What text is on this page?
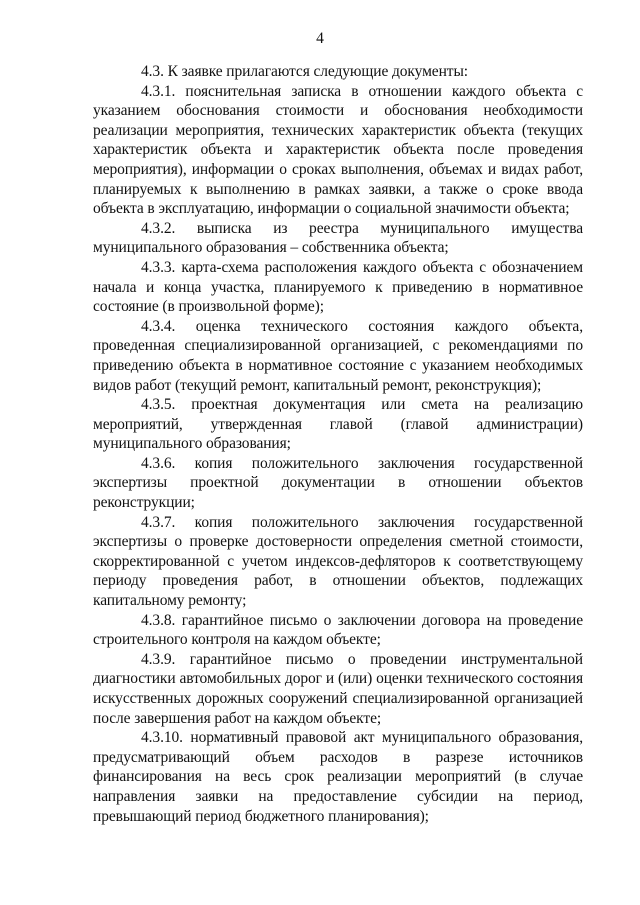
4

4.3. К заявке прилагаются следующие документы:

4.3.1. пояснительная записка в отношении каждого объекта с указанием обоснования стоимости и обоснования необходимости реализации мероприятия, технических характеристик объекта (текущих характеристик объекта и характеристик объекта после проведения мероприятия), информации о сроках выполнения, объемах и видах работ, планируемых к выполнению в рамках заявки, а также о сроке ввода объекта в эксплуатацию, информации о социальной значимости объекта;

4.3.2. выписка из реестра муниципального имущества муниципального образования – собственника объекта;

4.3.3. карта-схема расположения каждого объекта с обозначением начала и конца участка, планируемого к приведению в нормативное состояние (в произвольной форме);

4.3.4. оценка технического состояния каждого объекта, проведенная специализированной организацией, с рекомендациями по приведению объекта в нормативное состояние с указанием необходимых видов работ (текущий ремонт, капитальный ремонт, реконструкция);

4.3.5. проектная документация или смета на реализацию мероприятий, утвержденная главой (главой администрации) муниципального образования;

4.3.6. копия положительного заключения государственной экспертизы проектной документации в отношении объектов реконструкции;

4.3.7. копия положительного заключения государственной экспертизы о проверке достоверности определения сметной стоимости, скорректированной с учетом индексов-дефляторов к соответствующему периоду проведения работ, в отношении объектов, подлежащих капитальному ремонту;

4.3.8. гарантийное письмо о заключении договора на проведение строительного контроля на каждом объекте;

4.3.9. гарантийное письмо о проведении инструментальной диагностики автомобильных дорог и (или) оценки технического состояния искусственных дорожных сооружений специализированной организацией после завершения работ на каждом объекте;

4.3.10. нормативный правовой акт муниципального образования, предусматривающий объем расходов в разрезе источников финансирования на весь срок реализации мероприятий (в случае направления заявки на предоставление субсидии на период, превышающий период бюджетного планирования);
